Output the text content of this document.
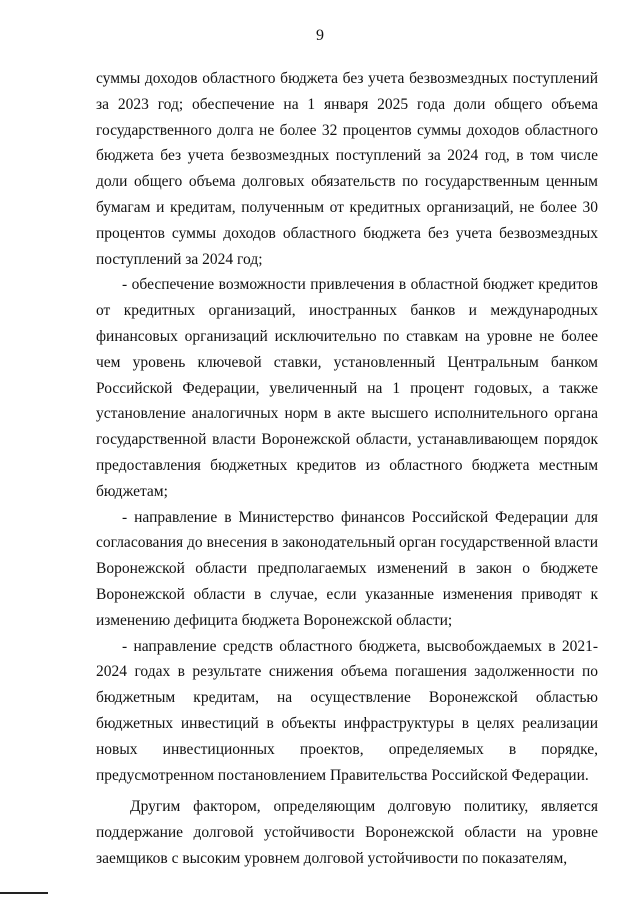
9

суммы доходов областного бюджета без учета безвозмездных поступлений за 2023 год; обеспечение на 1 января 2025 года доли общего объема государственного долга не более 32 процентов суммы доходов областного бюджета без учета безвозмездных поступлений за 2024 год, в том числе доли общего объема долговых обязательств по государственным ценным бумагам и кредитам, полученным от кредитных организаций, не более 30 процентов суммы доходов областного бюджета без учета безвозмездных поступлений за 2024 год;

- обеспечение возможности привлечения в областной бюджет кредитов от кредитных организаций, иностранных банков и международных финансовых организаций исключительно по ставкам на уровне не более чем уровень ключевой ставки, установленный Центральным банком Российской Федерации, увеличенный на 1 процент годовых, а также установление аналогичных норм в акте высшего исполнительного органа государственной власти Воронежской области, устанавливающем порядок предоставления бюджетных кредитов из областного бюджета местным бюджетам;

- направление в Министерство финансов Российской Федерации для согласования до внесения в законодательный орган государственной власти Воронежской области предполагаемых изменений в закон о бюджете Воронежской области в случае, если указанные изменения приводят к изменению дефицита бюджета Воронежской области;

- направление средств областного бюджета, высвобождаемых в 2021-2024 годах в результате снижения объема погашения задолженности по бюджетным кредитам, на осуществление Воронежской областью бюджетных инвестиций в объекты инфраструктуры в целях реализации новых инвестиционных проектов, определяемых в порядке, предусмотренном постановлением Правительства Российской Федерации.

Другим фактором, определяющим долговую политику, является поддержание долговой устойчивости Воронежской области на уровне заемщиков с высоким уровнем долговой устойчивости по показателям,
